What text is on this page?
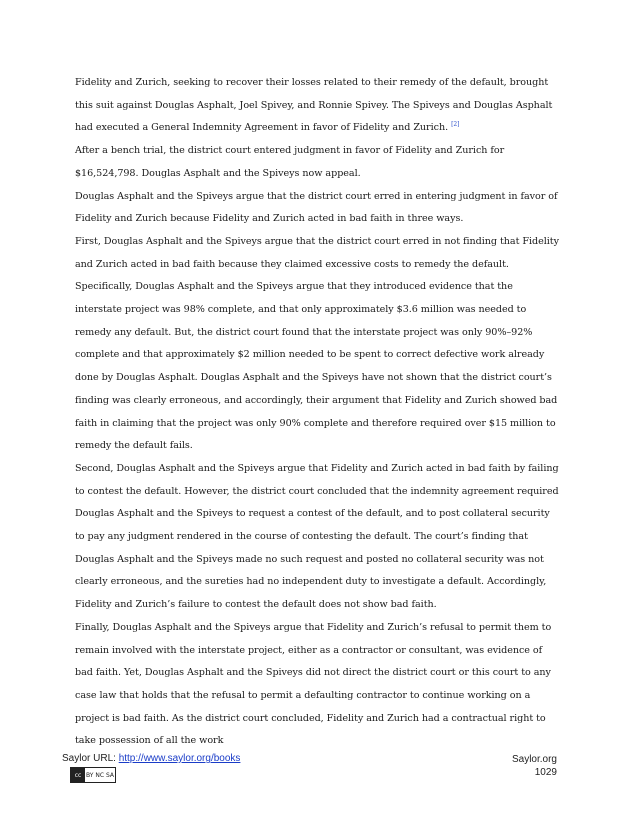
Fidelity and Zurich, seeking to recover their losses related to their remedy of the default, brought this suit against Douglas Asphalt, Joel Spivey, and Ronnie Spivey. The Spiveys and Douglas Asphalt had executed a General Indemnity Agreement in favor of Fidelity and Zurich. [2]

After a bench trial, the district court entered judgment in favor of Fidelity and Zurich for $16,524,798. Douglas Asphalt and the Spiveys now appeal.

Douglas Asphalt and the Spiveys argue that the district court erred in entering judgment in favor of Fidelity and Zurich because Fidelity and Zurich acted in bad faith in three ways.

First, Douglas Asphalt and the Spiveys argue that the district court erred in not finding that Fidelity and Zurich acted in bad faith because they claimed excessive costs to remedy the default. Specifically, Douglas Asphalt and the Spiveys argue that they introduced evidence that the interstate project was 98% complete, and that only approximately $3.6 million was needed to remedy any default. But, the district court found that the interstate project was only 90%–92% complete and that approximately $2 million needed to be spent to correct defective work already done by Douglas Asphalt. Douglas Asphalt and the Spiveys have not shown that the district court’s finding was clearly erroneous, and accordingly, their argument that Fidelity and Zurich showed bad faith in claiming that the project was only 90% complete and therefore required over $15 million to remedy the default fails.

Second, Douglas Asphalt and the Spiveys argue that Fidelity and Zurich acted in bad faith by failing to contest the default. However, the district court concluded that the indemnity agreement required Douglas Asphalt and the Spiveys to request a contest of the default, and to post collateral security to pay any judgment rendered in the course of contesting the default. The court’s finding that Douglas Asphalt and the Spiveys made no such request and posted no collateral security was not clearly erroneous, and the sureties had no independent duty to investigate a default. Accordingly, Fidelity and Zurich’s failure to contest the default does not show bad faith.

Finally, Douglas Asphalt and the Spiveys argue that Fidelity and Zurich’s refusal to permit them to remain involved with the interstate project, either as a contractor or consultant, was evidence of bad faith. Yet, Douglas Asphalt and the Spiveys did not direct the district court or this court to any case law that holds that the refusal to permit a defaulting contractor to continue working on a project is bad faith. As the district court concluded, Fidelity and Zurich had a contractual right to take possession of all the work

Saylor URL: http://www.saylor.org/books
cc BY NC SA
Saylor.org
1029
